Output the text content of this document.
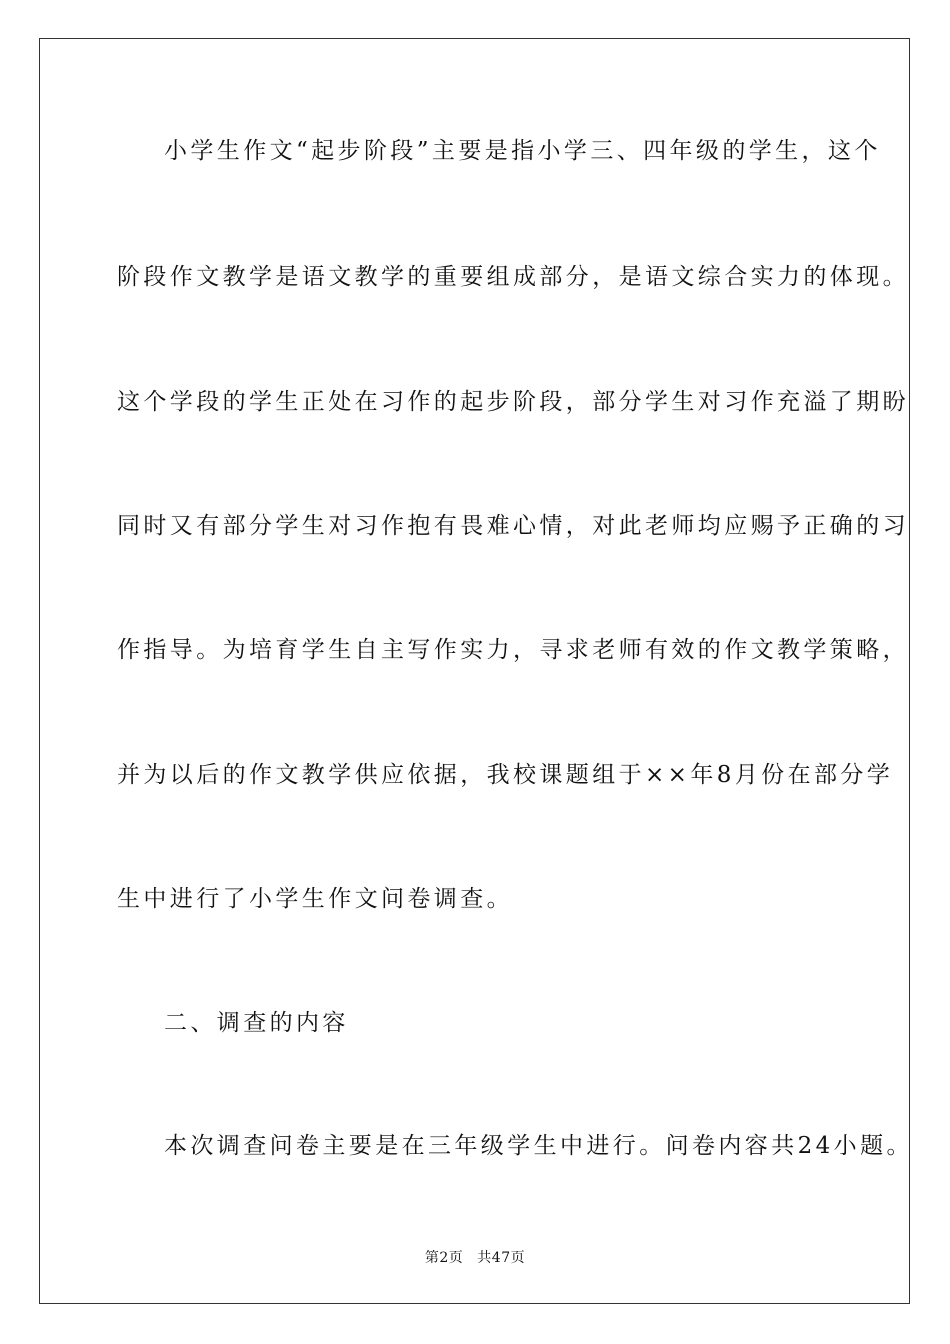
小学生作文“起步阶段”主要是指小学三、四年级的学生，这个
阶段作文教学是语文教学的重要组成部分，是语文综合实力的体现。
这个学段的学生正处在习作的起步阶段，部分学生对习作充溢了期盼
同时又有部分学生对习作抱有畏难心情，对此老师均应赐予正确的习
作指导。为培育学生自主写作实力，寻求老师有效的作文教学策略，
并为以后的作文教学供应依据，我校课题组于××年8月份在部分学
生中进行了小学生作文问卷调查。
二、调查的内容
本次调查问卷主要是在三年级学生中进行。问卷内容共24小题。
第2页 共47页
